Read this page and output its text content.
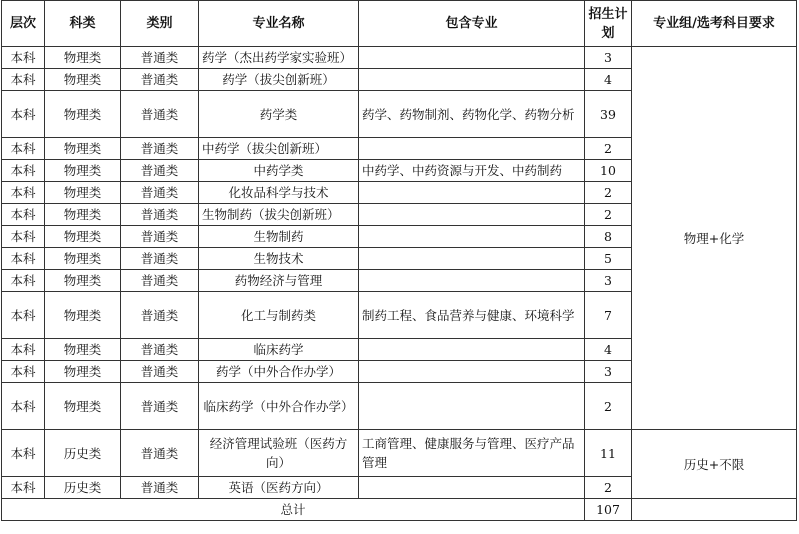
层次	科类	类别	专业名称	包含专业	招生计划	专业组/选考科目要求
本科	物理类	普通类	药学（杰出药学家实验班）		3	物理+化学
本科	物理类	普通类	药学（拔尖创新班）		4	
本科	物理类	普通类	药学类	药学、药物制剂、药物化学、药物分析	39	
本科	物理类	普通类	中药学（拔尖创新班）		2	
本科	物理类	普通类	中药学类	中药学、中药资源与开发、中药制药	10	
本科	物理类	普通类	化妆品科学与技术		2	
本科	物理类	普通类	生物制药（拔尖创新班）		2	
本科	物理类	普通类	生物制药		8	
本科	物理类	普通类	生物技术		5	
本科	物理类	普通类	药物经济与管理		3	
本科	物理类	普通类	化工与制药类	制药工程、食品营养与健康、环境科学	7	
本科	物理类	普通类	临床药学		4	
本科	物理类	普通类	药学（中外合作办学）		3	
本科	物理类	普通类	临床药学（中外合作办学）		2	
本科	历史类	普通类	经济管理试验班（医药方向）	工商管理、健康服务与管理、医疗产品管理	11	历史+不限
本科	历史类	普通类	英语（医药方向）		2	
总计					107	
